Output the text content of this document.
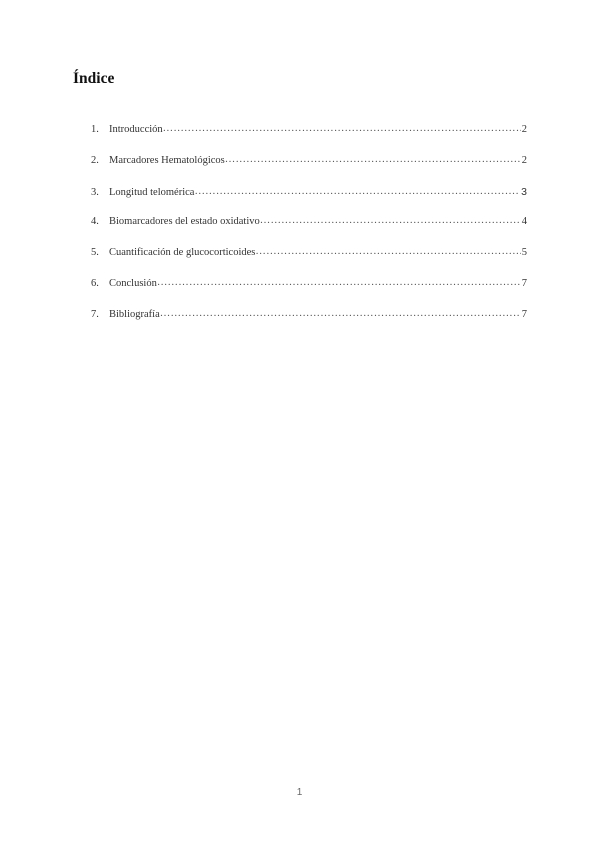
Índice
1. Introducción ……………………………………………………………………………………………………………………………………	2
2. Marcadores Hematológicos ……………………………………………………………………………………………………………………………………	2
3. Longitud telomérica ……………………………………………………………………………………………………………………………………	3
4. Biomarcadores del estado oxidativo ……………………………………………………………………………………………………………………………………	4
5. Cuantificación de glucocorticoides ……………………………………………………………………………………………………………………………………	5
6. Conclusión ……………………………………………………………………………………………………………………………………	7
7. Bibliografía ……………………………………………………………………………………………………………………………………	7
1
